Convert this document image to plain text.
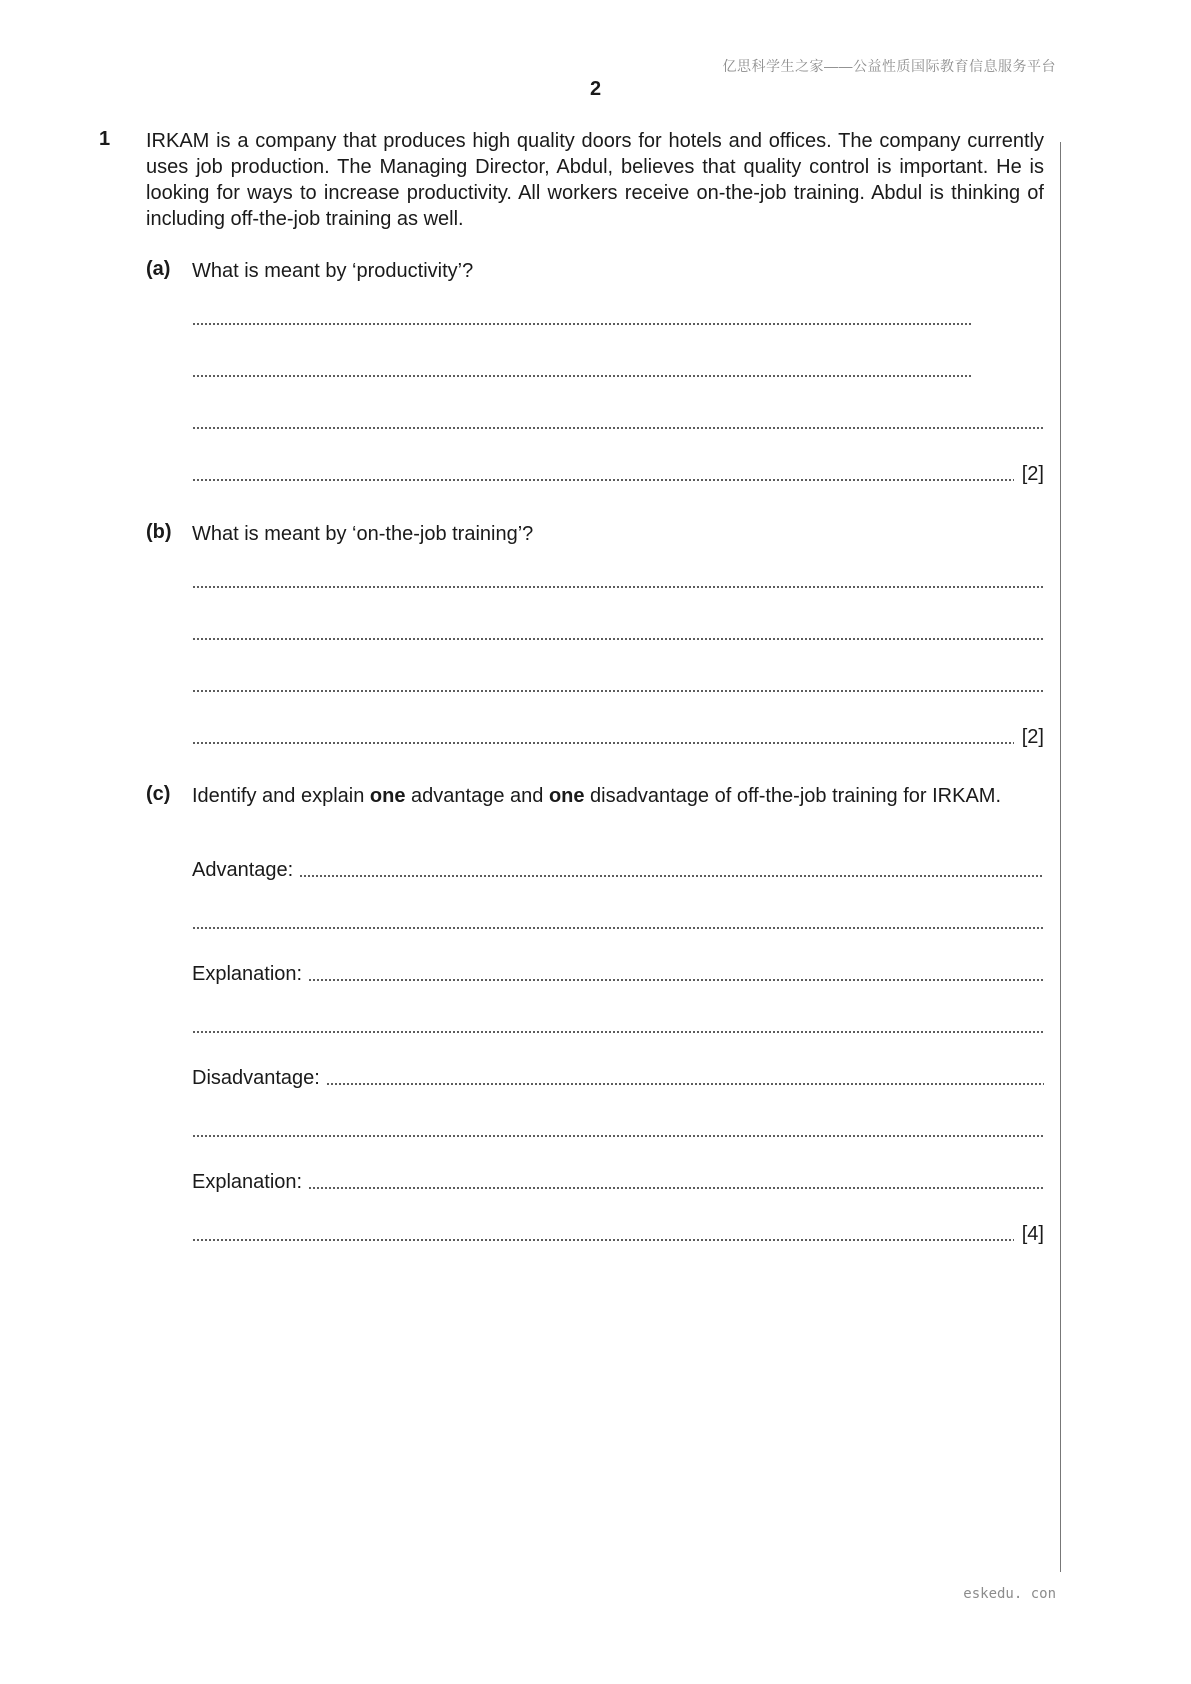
亿思科学生之家——公益性质国际教育信息服务平台
2
1 IRKAM is a company that produces high quality doors for hotels and offices. The company currently uses job production. The Managing Director, Abdul, believes that quality control is important. He is looking for ways to increase productivity. All workers receive on-the-job training. Abdul is thinking of including off-the-job training as well.
(a) What is meant by ‘productivity’?
[2]
(b) What is meant by ‘on-the-job training’?
[2]
(c) Identify and explain one advantage and one disadvantage of off-the-job training for IRKAM.
Advantage:
Explanation:
Disadvantage:
Explanation:
[4]
eskedu. con
